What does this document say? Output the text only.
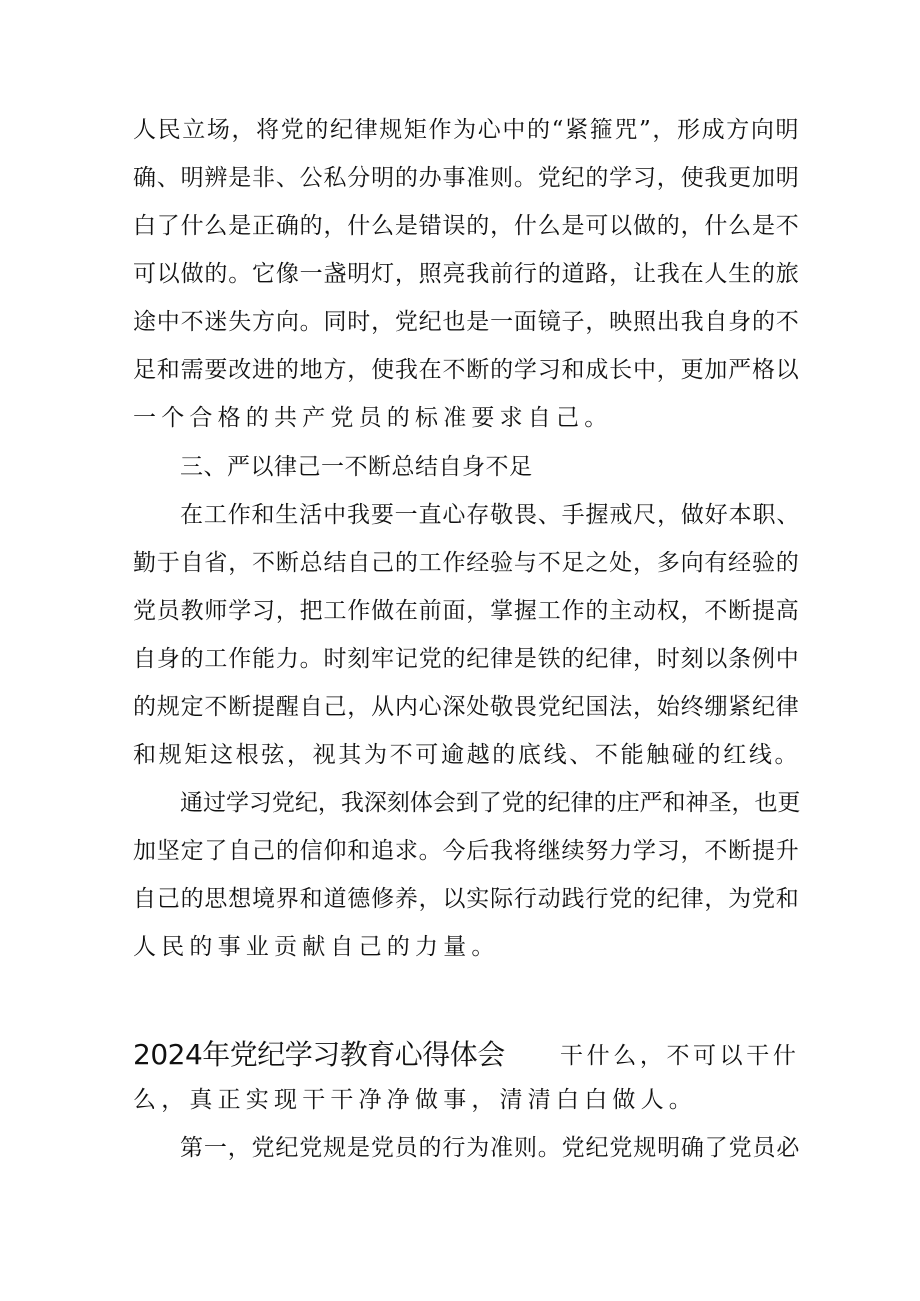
人民立场，将党的纪律规矩作为心中的“紧箍咒”，形成方向明
确、明辨是非、公私分明的办事准则。党纪的学习，使我更加明
白了什么是正确的，什么是错误的，什么是可以做的，什么是不
可以做的。它像一盏明灯，照亮我前行的道路，让我在人生的旅
途中不迷失方向。同时，党纪也是一面镜子，映照出我自身的不
足和需要改进的地方，使我在不断的学习和成长中，更加严格以
一个合格的共产党员的标准要求自己。
三、严以律己一不断总结自身不足
在工作和生活中我要一直心存敬畏、手握戒尺，做好本职、
勤于自省，不断总结自己的工作经验与不足之处，多向有经验的
党员教师学习，把工作做在前面，掌握工作的主动权，不断提高
自身的工作能力。时刻牢记党的纪律是铁的纪律，时刻以条例中
的规定不断提醒自己，从内心深处敬畏党纪国法，始终绷紧纪律
和规矩这根弦，视其为不可逾越的底线、不能触碰的红线。
通过学习党纪，我深刻体会到了党的纪律的庄严和神圣，也更
加坚定了自己的信仰和追求。今后我将继续努力学习，不断提升
自己的思想境界和道德修养，以实际行动践行党的纪律，为党和
人民的事业贡献自己的力量。
2024年党纪学习教育心得体会 干什么，不可以干什
么，真正实现干干净净做事，清清白白做人。
第一，党纪党规是党员的行为准则。党纪党规明确了党员必
